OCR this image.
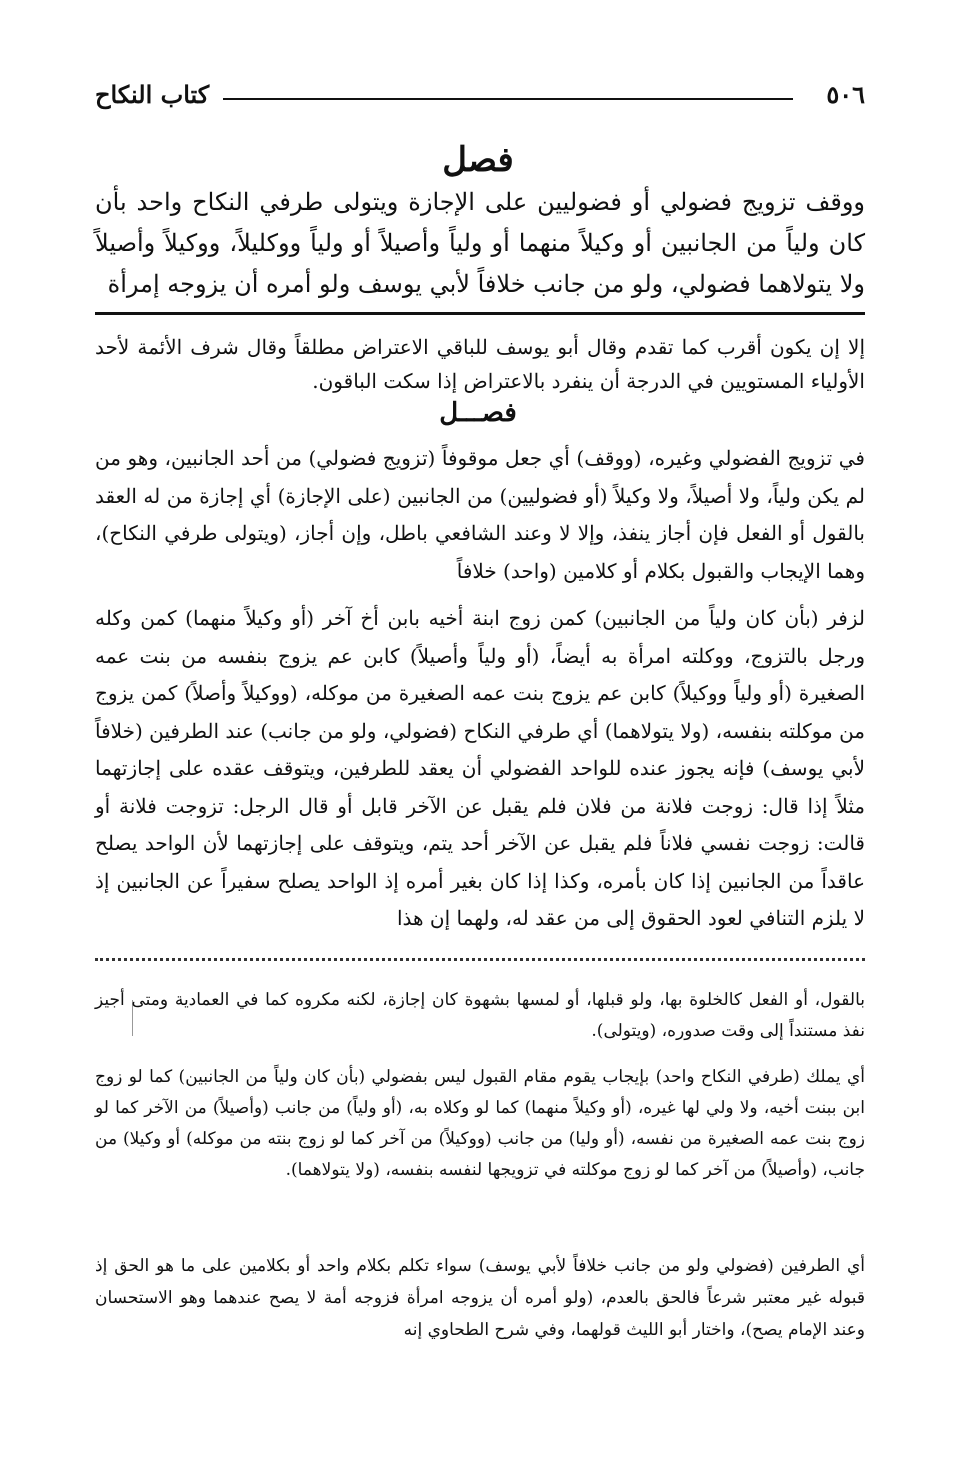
٥٠٦
كتاب النكاح
فصل
ووقف تزويج فضولي أو فضوليين على الإجازة ويتولى طرفي النكاح واحد بأن كان ولياً من الجانبين أو وكيلاً منهما أو ولياً وأصيلاً أو ولياً ووكليلاً، ووكيلاً وأصيلاً ولا يتولاهما فضولي، ولو من جانب خلافاً لأبي يوسف ولو أمره أن يزوجه إمرأة
إلا إن يكون أقرب كما تقدم وقال أبو يوسف للباقي الاعتراض مطلقاً وقال شرف الأئمة لأحد الأولياء المستويين في الدرجة أن ينفرد بالاعتراض إذا سكت الباقون.
فصـــل
في تزويج الفضولي وغيره، (ووقف) أي جعل موقوفاً (تزويج فضولي) من أحد الجانبين، وهو من لم يكن ولياً، ولا أصيلاً، ولا وكيلاً (أو فضوليين) من الجانبين (على الإجازة) أي إجازة من له العقد بالقول أو الفعل فإن أجاز ينفذ، وإلا لا وعند الشافعي باطل، وإن أجاز، (ويتولى طرفي النكاح)، وهما الإيجاب والقبول بكلام أو كلامين (واحد) خلافاً
لزفر (بأن كان ولياً من الجانبين) كمن زوج ابنة أخيه بابن أخ آخر (أو وكيلاً منهما) كمن وكله ورجل بالتزوج، ووكلته امرأة به أيضاً، (أو ولياً وأصيلاً) كابن عم يزوج بنفسه من بنت عمه الصغيرة (أو ولياً ووكيلاً) كابن عم يزوج بنت عمه الصغيرة من موكله، (ووكيلاً وأصلاً) كمن يزوج من موكلته بنفسه، (ولا يتولاهما) أي طرفي النكاح (فضولي، ولو من جانب) عند الطرفين (خلافاً لأبي يوسف) فإنه يجوز عنده للواحد الفضولي أن يعقد للطرفين، ويتوقف عقده على إجازتهما مثلاً إذا قال: زوجت فلانة من فلان فلم يقبل عن الآخر قابل أو قال الرجل: تزوجت فلانة أو قالت: زوجت نفسي فلاناً فلم يقبل عن الآخر أحد يتم، ويتوقف على إجازتهما لأن الواحد يصلح عاقداً من الجانبين إذا كان بأمره، وكذا إذا كان بغير أمره إذ الواحد يصلح سفيراً عن الجانبين إذ لا يلزم التنافي لعود الحقوق إلى من عقد له، ولهما إن هذا
بالقول، أو الفعل كالخلوة بها، ولو قبلها، أو لمسها بشهوة كان إجازة، لكنه مكروه كما في العمادية ومتى أجيز نفذ مستنداً إلى وقت صدوره، (ويتولى).
أي يملك (طرفي النكاح واحد) بإيجاب يقوم مقام القبول ليس بفضولي (بأن كان ولياً من الجانبين) كما لو زوج ابن ببنت أخيه، ولا ولي لها غيره، (أو وكيلاً منهما) كما لو وكلاه به، (أو ولياً) من جانب (وأصيلاً) من الآخر كما لو زوج بنت عمه الصغيرة من نفسه، (أو وليا) من جانب (ووكيلاً) من آخر كما لو زوج بنته من موكله) أو وكيلا) من جانب، (وأصيلاً) من آخر كما لو زوج موكلته في تزويجها لنفسه بنفسه، (ولا يتولاهما).
أي الطرفين (فضولي ولو من جانب خلافاً لأبي يوسف) سواء تكلم بكلام واحد أو بكلامين على ما هو الحق إذ قبوله غير معتبر شرعاً فالحق بالعدم، (ولو أمره أن يزوجه امرأة فزوجه أمة لا يصح عندهما وهو الاستحسان وعند الإمام يصح)، واختار أبو الليث قولهما، وفي شرح الطحاوي إنه
